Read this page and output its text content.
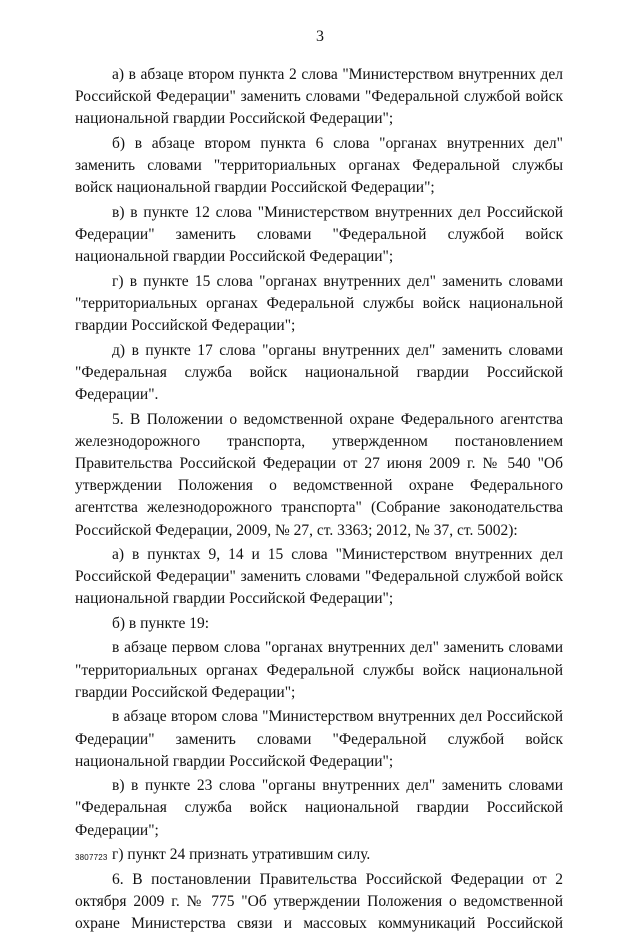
3

а) в абзаце втором пункта 2 слова "Министерством внутренних дел Российской Федерации" заменить словами "Федеральной службой войск национальной гвардии Российской Федерации";

б) в абзаце втором пункта 6 слова "органах внутренних дел" заменить словами "территориальных органах Федеральной службы войск национальной гвардии Российской Федерации";

в) в пункте 12 слова "Министерством внутренних дел Российской Федерации" заменить словами "Федеральной службой войск национальной гвардии Российской Федерации";

г) в пункте 15 слова "органах внутренних дел" заменить словами "территориальных органах Федеральной службы войск национальной гвардии Российской Федерации";

д) в пункте 17 слова "органы внутренних дел" заменить словами "Федеральная служба войск национальной гвардии Российской Федерации".

5. В Положении о ведомственной охране Федерального агентства железнодорожного транспорта, утвержденном постановлением Правительства Российской Федерации от 27 июня 2009 г. № 540 "Об утверждении Положения о ведомственной охране Федерального агентства железнодорожного транспорта" (Собрание законодательства Российской Федерации, 2009, № 27, ст. 3363; 2012, № 37, ст. 5002):

а) в пунктах 9, 14 и 15 слова "Министерством внутренних дел Российской Федерации" заменить словами "Федеральной службой войск национальной гвардии Российской Федерации";

б) в пункте 19:

в абзаце первом слова "органах внутренних дел" заменить словами "территориальных органах Федеральной службы войск национальной гвардии Российской Федерации";

в абзаце втором слова "Министерством внутренних дел Российской Федерации" заменить словами "Федеральной службой войск национальной гвардии Российской Федерации";

в) в пункте 23 слова "органы внутренних дел" заменить словами "Федеральная служба войск национальной гвардии Российской Федерации";

г) пункт 24 признать утратившим силу.

6. В постановлении Правительства Российской Федерации от 2 октября 2009 г. № 775 "Об утверждении Положения о ведомственной охране Министерства связи и массовых коммуникаций Российской

3807723
